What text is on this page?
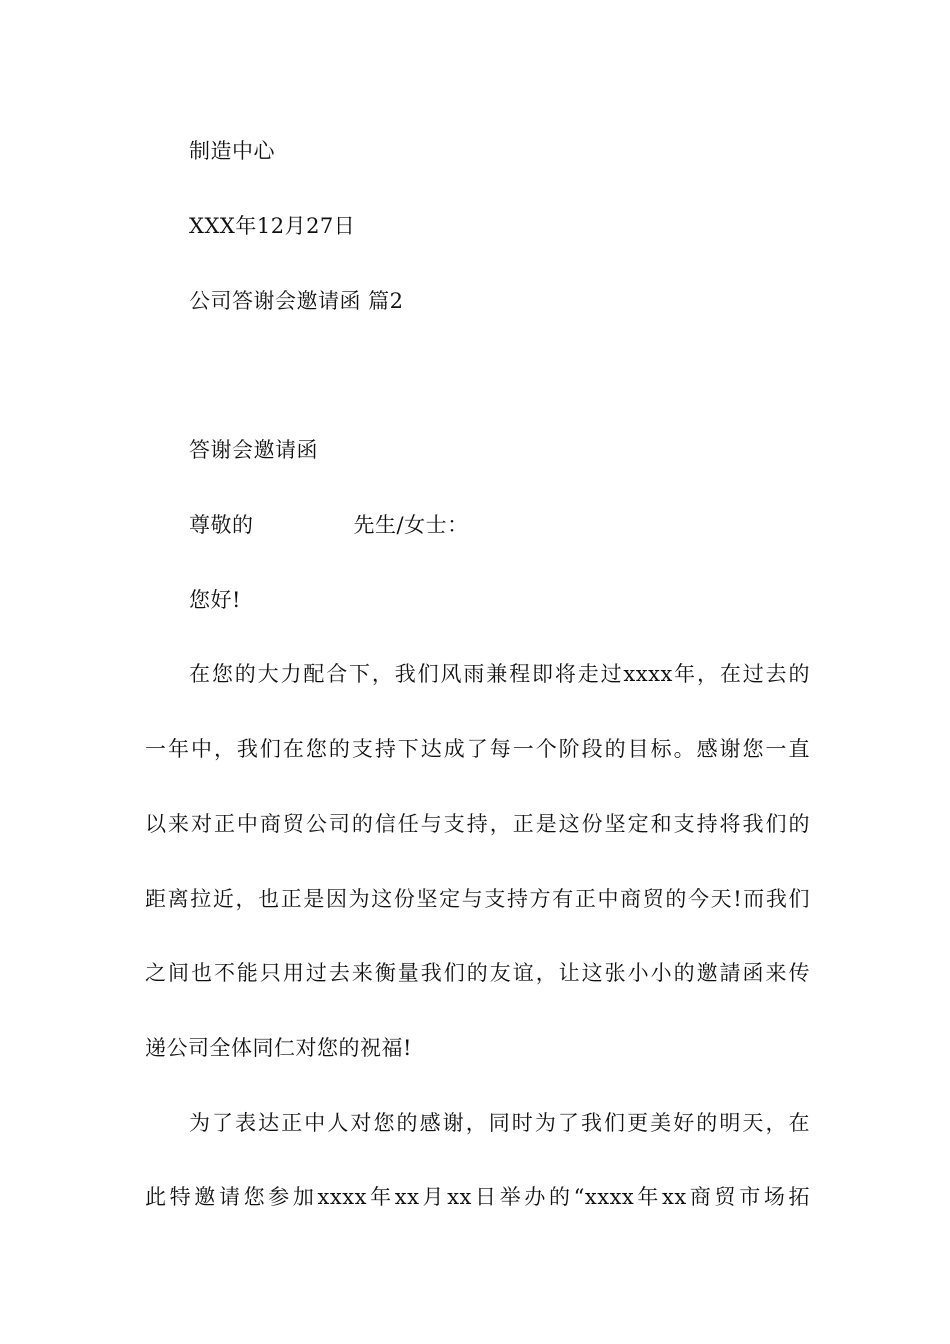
制造中心
XXX年12月27日
公司答谢会邀请函 篇2
答谢会邀请函
尊敬的	先生/女士：
您好!
在您的大力配合下，我们风雨兼程即将走过xxxx年，在过去的
一年中，我们在您的支持下达成了每一个阶段的目标。感谢您一直
以来对正中商贸公司的信任与支持，正是这份坚定和支持将我们的
距离拉近，也正是因为这份坚定与支持方有正中商贸的今天!而我们
之间也不能只用过去来衡量我们的友谊，让这张小小的邀請函来传
递公司全体同仁对您的祝福!
为了表达正中人对您的感谢，同时为了我们更美好的明天，在
此特邀请您参加xxxx年xx月xx日举办的“xxxx年xx商贸市场拓
